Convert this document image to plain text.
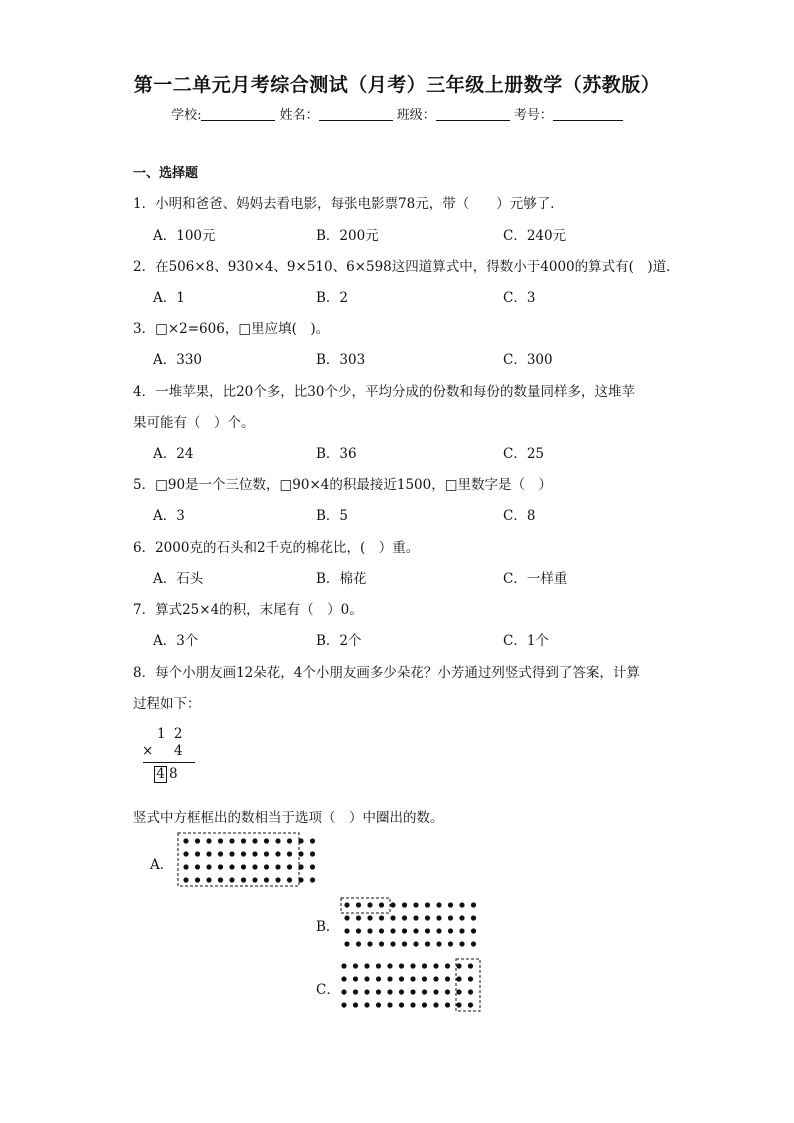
第一二单元月考综合测试（月考）三年级上册数学（苏教版）
学校:	姓名：	班级：	考号：
一、选择题
1．小明和爸爸、妈妈去看电影，每张电影票78元，带（　　）元够了．
A．100元	B．200元	C．240元
2．在506×8、930×4、9×510、6×598这四道算式中，得数小于4000的算式有(　)道．
A．1	B．2	C．3
3．□×2=606，□里应填(　)。
A．330	B．303	C．300
4．一堆苹果，比20个多，比30个少，平均分成的份数和每份的数量同样多，这堆苹
果可能有（　）个。
A．24	B．36	C．25
5．□90是一个三位数，□90×4的积最接近1500，□里数字是（　）
A．3	B．5	C．8
6．2000克的石头和2千克的棉花比，(　）重。
A．石头	B．棉花	C．一样重
7．算式25×4的积，末尾有（　）0。
A．3个	B．2个	C．1个
8．每个小朋友画12朵花，4个小朋友画多少朵花？小芳通过列竖式得到了答案，计算
过程如下：
1 2
× 4
4 8
竖式中方框框出的数相当于选项（　）中圈出的数。
A．
B．
C．
